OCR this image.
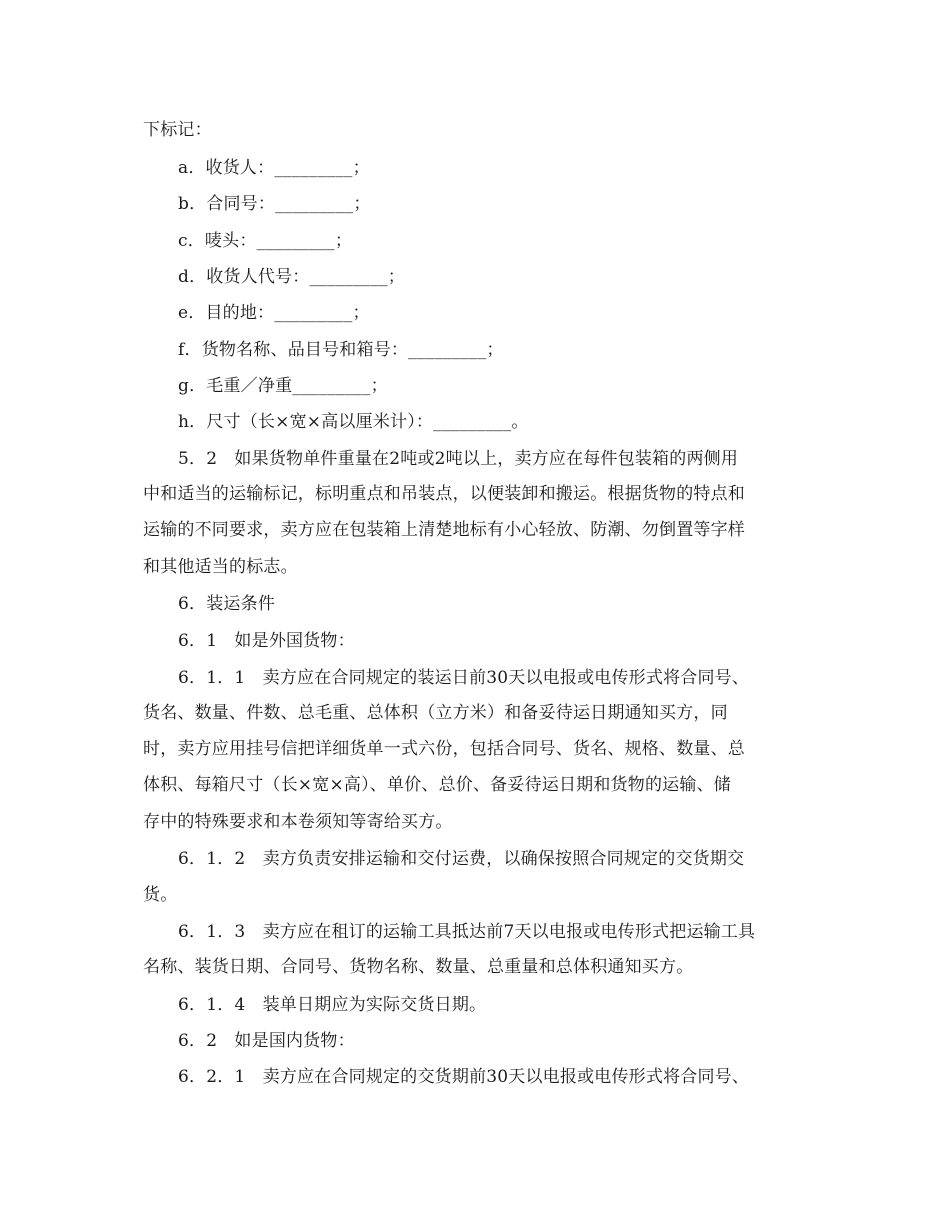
下标记：
a．收货人：_________；
b．合同号：_________；
c．唛头：_________；
d．收货人代号：_________；
e．目的地：_________；
f．货物名称、品目号和箱号：_________；
g．毛重／净重_________；
h．尺寸（长×宽×高以厘米计）：_________。
5．2　如果货物单件重量在2吨或2吨以上，卖方应在每件包装箱的两侧用
中和适当的运输标记，标明重点和吊装点，以便装卸和搬运。根据货物的特点和
运输的不同要求，卖方应在包装箱上清楚地标有小心轻放、防潮、勿倒置等字样
和其他适当的标志。
6．装运条件
6．1　如是外国货物：
6．1．1　卖方应在合同规定的装运日前30天以电报或电传形式将合同号、
货名、数量、件数、总毛重、总体积（立方米）和备妥待运日期通知买方，同
时，卖方应用挂号信把详细货单一式六份，包括合同号、货名、规格、数量、总
体积、每箱尺寸（长×宽×高）、单价、总价、备妥待运日期和货物的运输、储
存中的特殊要求和本卷须知等寄给买方。
6．1．2　卖方负责安排运输和交付运费，以确保按照合同规定的交货期交
货。
6．1．3　卖方应在租订的运输工具抵达前7天以电报或电传形式把运输工具
名称、装货日期、合同号、货物名称、数量、总重量和总体积通知买方。
6．1．4　装单日期应为实际交货日期。
6．2　如是国内货物：
6．2．1　卖方应在合同规定的交货期前30天以电报或电传形式将合同号、
